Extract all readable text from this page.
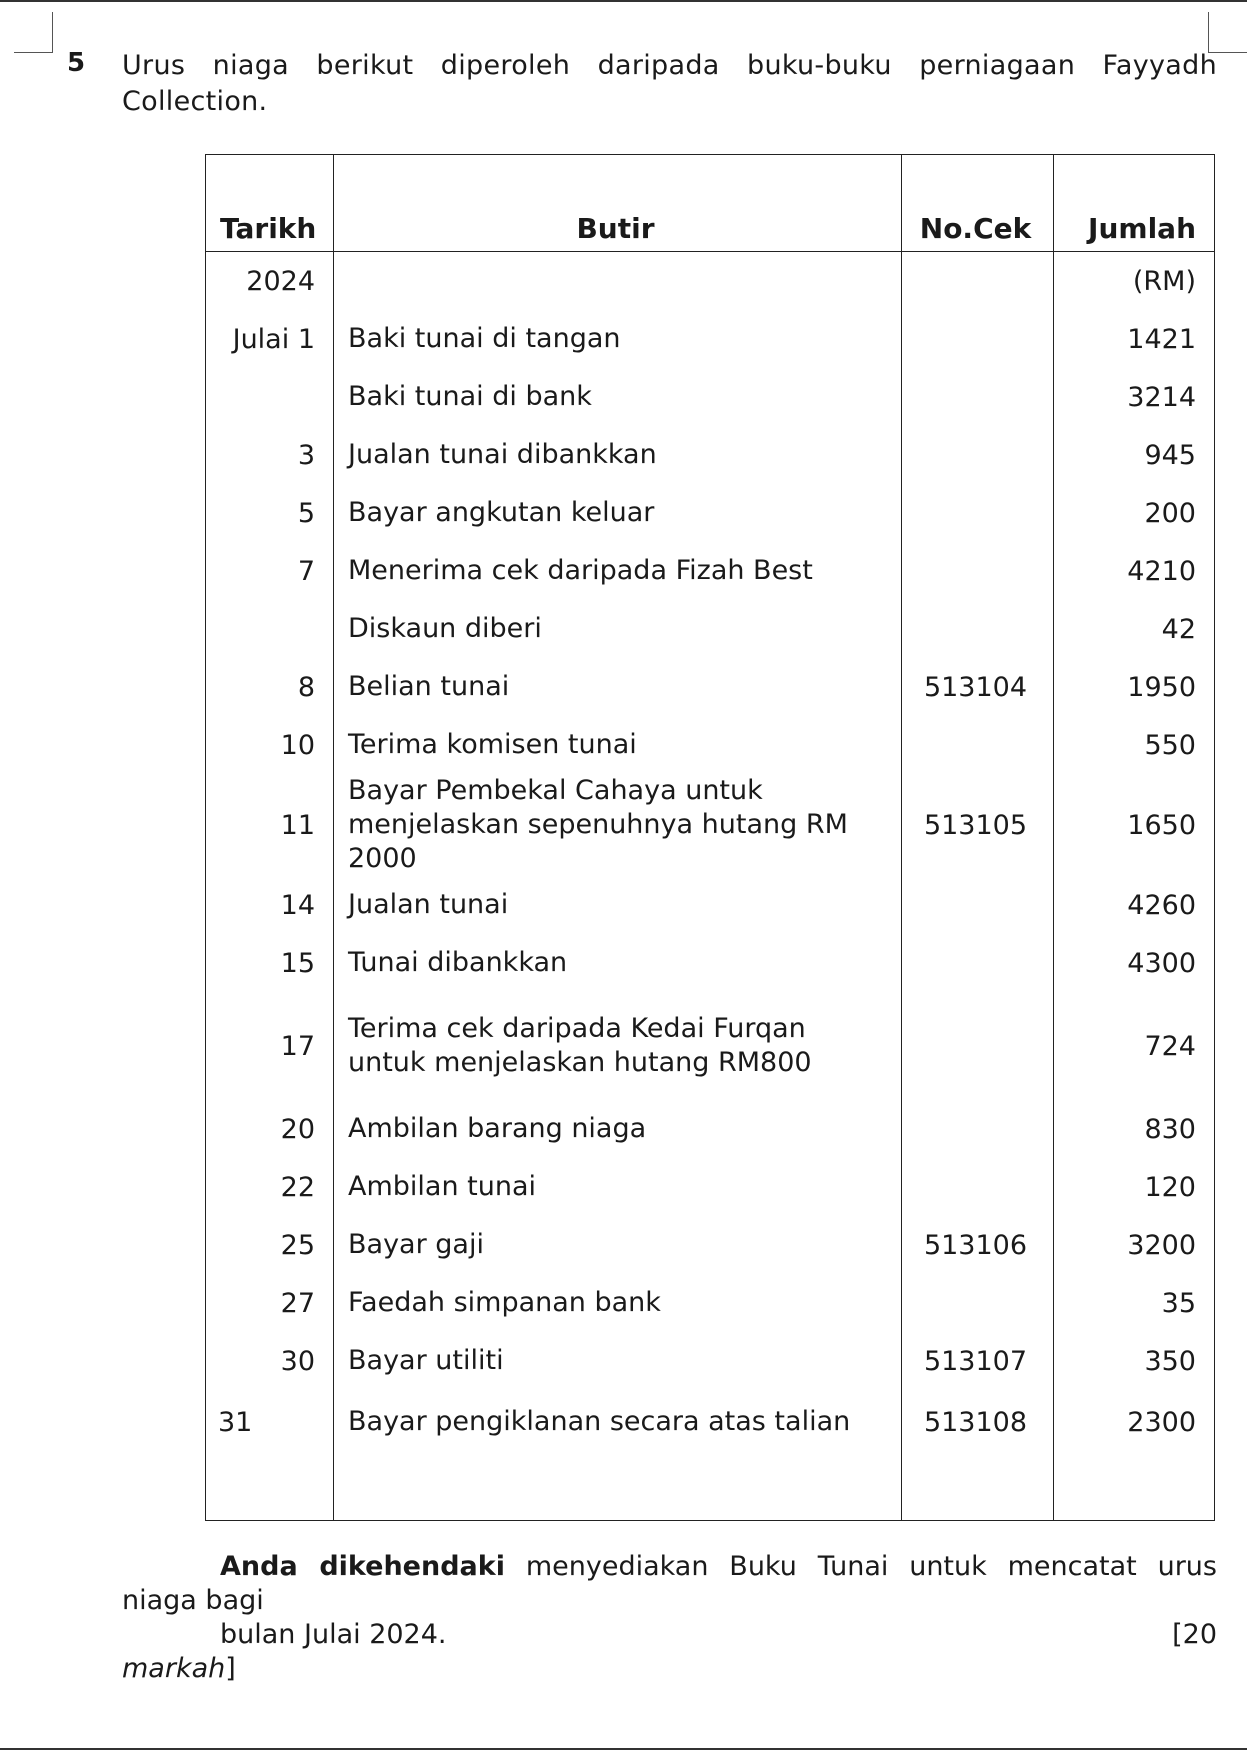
5 Urus niaga berikut diperoleh daripada buku-buku perniagaan Fayyadh Collection.
Tarikh	Butir	No.Cek	Jumlah
2024			(RM)
Julai 1	Baki tunai di tangan		1421
	Baki tunai di bank		3214
3	Jualan tunai dibankkan		945
5	Bayar angkutan keluar		200
7	Menerima cek daripada Fizah Best		4210
	Diskaun diberi		42
8	Belian tunai	513104	1950
10	Terima komisen tunai		550
11	Bayar Pembekal Cahaya untuk menjelaskan sepenuhnya hutang RM 2000	513105	1650
14	Jualan tunai		4260
15	Tunai dibankkan		4300
17	Terima cek daripada Kedai Furqan untuk menjelaskan hutang RM800		724
20	Ambilan barang niaga		830
22	Ambilan tunai		120
25	Bayar gaji	513106	3200
27	Faedah simpanan bank		35
30	Bayar utiliti	513107	350
31	Bayar pengiklanan secara atas talian	513108	2300

Anda dikehendaki menyediakan Buku Tunai untuk mencatat urus
niaga bagi
bulan Julai 2024.	[20
markah]
